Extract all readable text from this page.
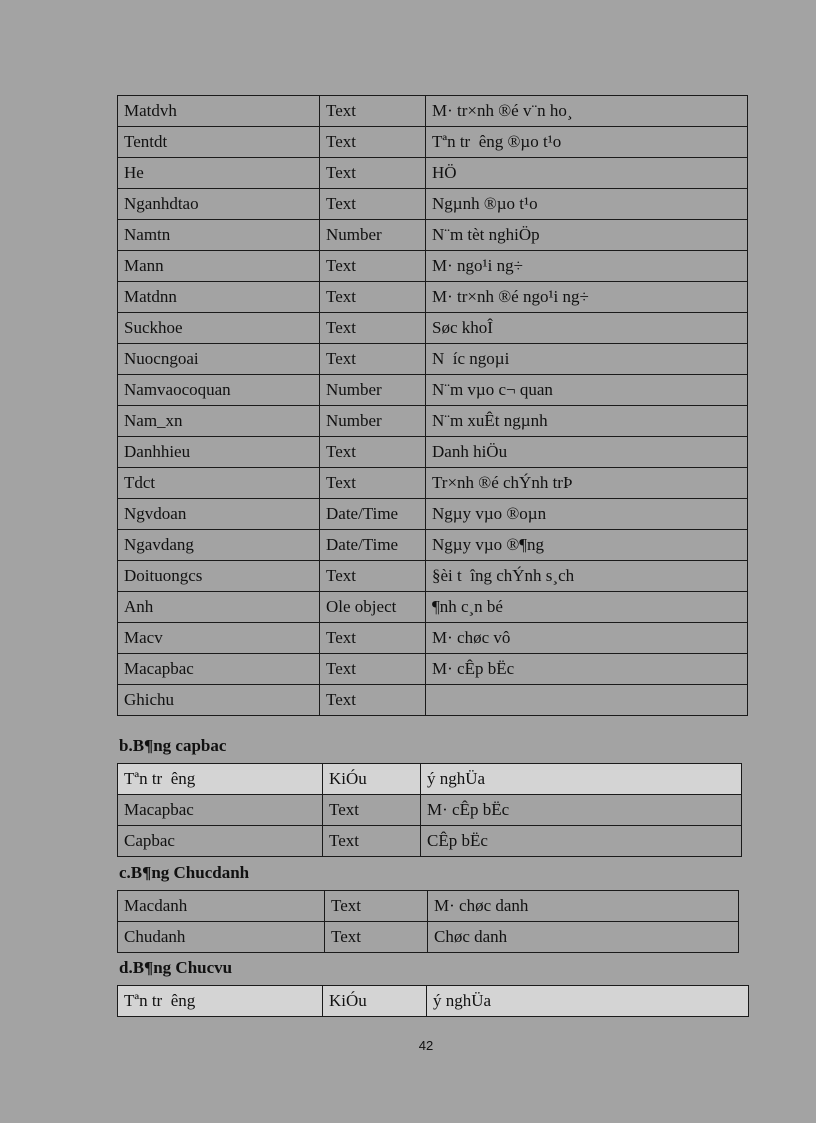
Matdvh	Text	M· tr×nh ®é v¨n ho¸
Tentdt	Text	Tªn tr  êng ®µo t¹o
He	Text	HÖ
Nganhdtao	Text	Ngµnh ®µo t¹o
Namtn	Number	N¨m tèt nghiÖp
Mann	Text	M· ngo¹i ng÷
Matdnn	Text	M· tr×nh ®é ngo¹i ng÷
Suckhoe	Text	Søc khoÎ
Nuocngoai	Text	N  íc ngoµi
Namvaocoquan	Number	N¨m vµo c¬ quan
Nam_xn	Number	N¨m xuÊt ngµnh
Danhhieu	Text	Danh hiÖu
Tdct	Text	Tr×nh ®é chÝnh trÞ
Ngvdoan	Date/Time	Ngµy vµo ®oµn
Ngavdang	Date/Time	Ngµy vµo ®¶ng
Doituongcs	Text	§èi t  îng chÝnh s¸ch
Anh	Ole object	¶nh c¸n bé
Macv	Text	M· chøc vô
Macapbac	Text	M· cÊp bËc
Ghichu	Text	

b.B¶ng capbac

Tªn tr  êng	KiÓu	ý nghÜa
Macapbac	Text	M· cÊp bËc
Capbac	Text	CÊp bËc

c.B¶ng Chucdanh

Macdanh	Text	M· chøc danh
Chudanh	Text	Chøc danh

d.B¶ng Chucvu

Tªn tr  êng	KiÓu	ý nghÜa
42
